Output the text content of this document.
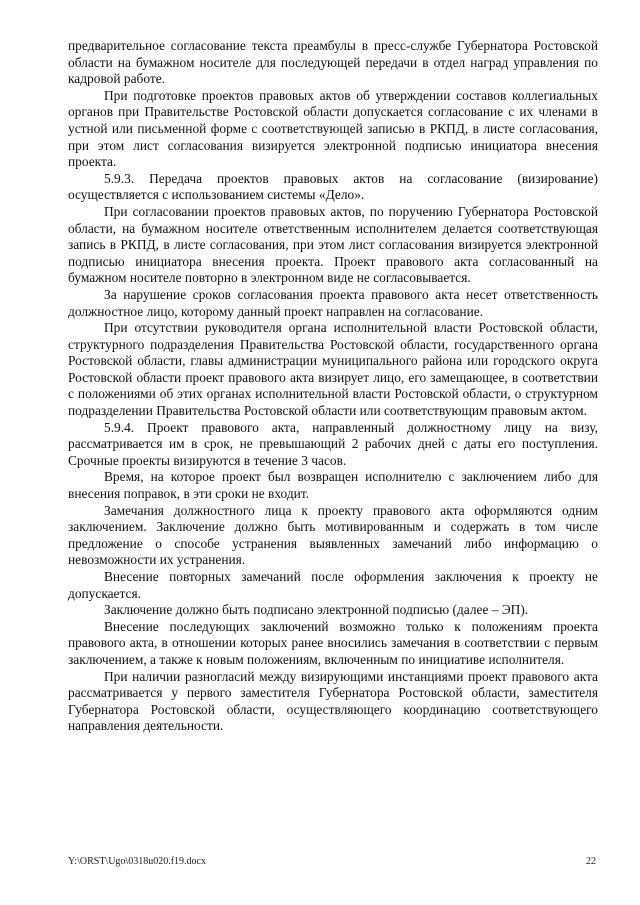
предварительное согласование текста преамбулы в пресс-службе Губернатора Ростовской области на бумажном носителе для последующей передачи в отдел наград управления по кадровой работе.

При подготовке проектов правовых актов об утверждении составов коллегиальных органов при Правительстве Ростовской области допускается согласование с их членами в устной или письменной форме с соответствующей записью в РКПД, в листе согласования, при этом лист согласования визируется электронной подписью инициатора внесения проекта.

5.9.3. Передача проектов правовых актов на согласование (визирование) осуществляется с использованием системы «Дело».

При согласовании проектов правовых актов, по поручению Губернатора Ростовской области, на бумажном носителе ответственным исполнителем делается соответствующая запись в РКПД, в листе согласования, при этом лист согласования визируется электронной подписью инициатора внесения проекта. Проект правового акта согласованный на бумажном носителе повторно в электронном виде не согласовывается.

За нарушение сроков согласования проекта правового акта несет ответственность должностное лицо, которому данный проект направлен на согласование.

При отсутствии руководителя органа исполнительной власти Ростовской области, структурного подразделения Правительства Ростовской области, государственного органа Ростовской области, главы администрации муниципального района или городского округа Ростовской области проект правового акта визирует лицо, его замещающее, в соответствии с положениями об этих органах исполнительной власти Ростовской области, о структурном подразделении Правительства Ростовской области или соответствующим правовым актом.

5.9.4. Проект правового акта, направленный должностному лицу на визу, рассматривается им в срок, не превышающий 2 рабочих дней с даты его поступления. Срочные проекты визируются в течение 3 часов.

Время, на которое проект был возвращен исполнителю с заключением либо для внесения поправок, в эти сроки не входит.

Замечания должностного лица к проекту правового акта оформляются одним заключением. Заключение должно быть мотивированным и содержать в том числе предложение о способе устранения выявленных замечаний либо информацию о невозможности их устранения.

Внесение повторных замечаний после оформления заключения к проекту не допускается.

Заключение должно быть подписано электронной подписью (далее – ЭП).

Внесение последующих заключений возможно только к положениям проекта правового акта, в отношении которых ранее вносились замечания в соответствии с первым заключением, а также к новым положениям, включенным по инициативе исполнителя.

При наличии разногласий между визирующими инстанциями проект правового акта рассматривается у первого заместителя Губернатора Ростовской области, заместителя Губернатора Ростовской области, осуществляющего координацию соответствующего направления деятельности.

Y:\ORST\Ugo\0318u020.f19.docx	22
